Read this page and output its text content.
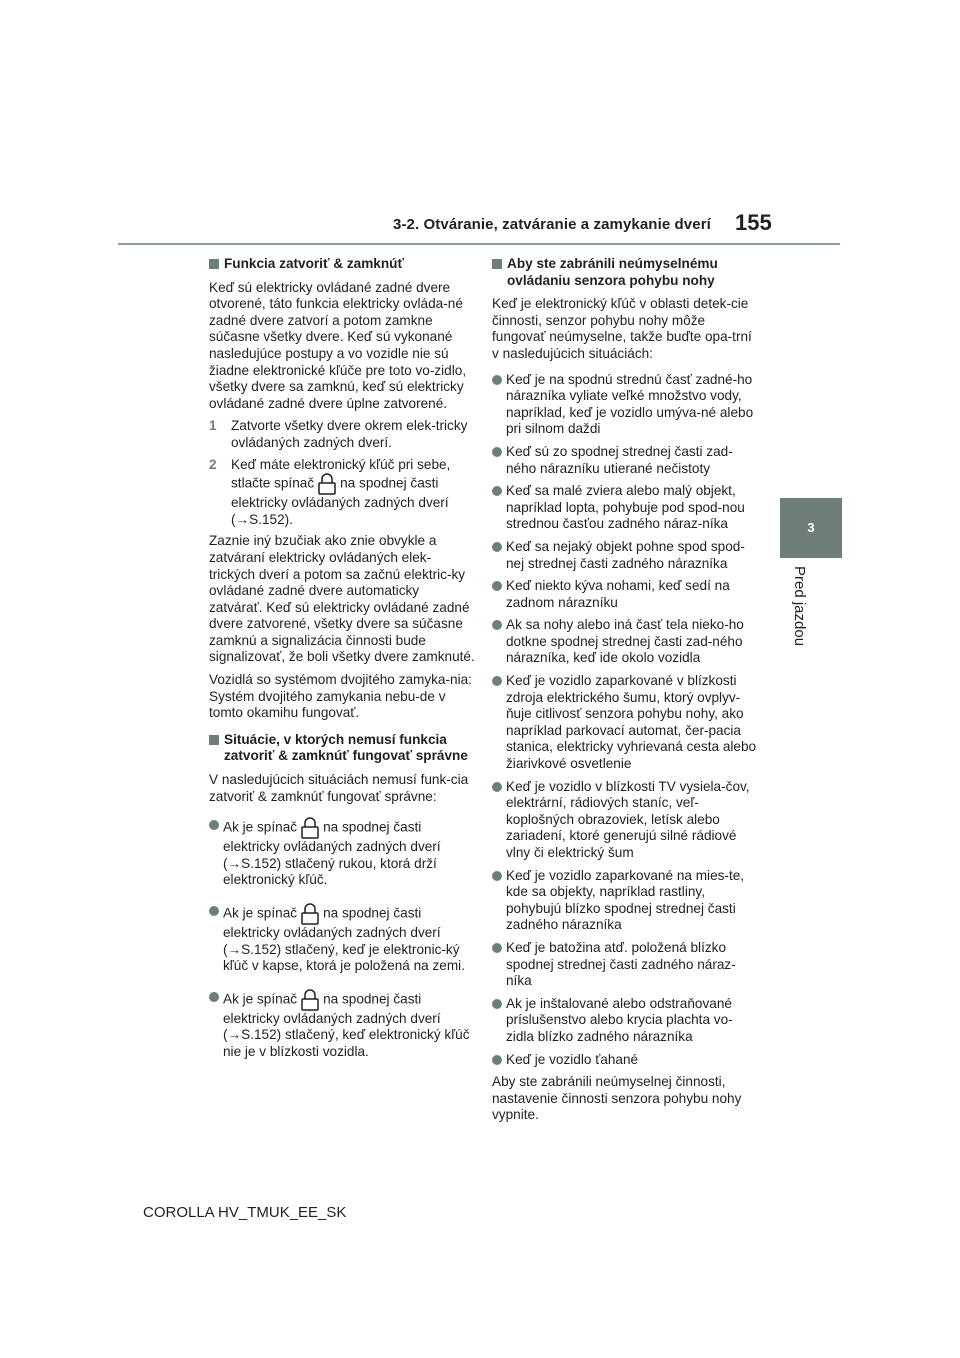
3-2. Otváranie, zatváranie a zamykanie dverí 155
3
Pred jazdou
Funkcia zatvoriť & zamknúť

Keď sú elektricky ovládané zadné dvere otvorené, táto funkcia elektricky ovláda-né zadné dvere zatvorí a potom zamkne súčasne všetky dvere. Keď sú vykonané nasledujúce postupy a vo vozidle nie sú žiadne elektronické kľúče pre toto vo-zidlo, všetky dvere sa zamknú, keď sú elektricky ovládané zadné dvere úplne zatvorené.

1	Zatvorte všetky dvere okrem elek-tricky ovládaných zadných dverí.
2	Keď máte elektronický kľúč pri sebe, stlačte spínač na spodnej časti elektricky ovládaných zadných dverí (→S.152).

Zaznie iný bzučiak ako znie obvykle a zatváraní elektricky ovládaných elek-trických dverí a potom sa začnú elektric-ky ovládané zadné dvere automaticky zatvárať. Keď sú elektricky ovládané zadné dvere zatvorené, všetky dvere sa súčasne zamknú a signalizácia činnosti bude signalizovať, že boli všetky dvere zamknuté.

Vozidlá so systémom dvojitého zamyka-nia: Systém dvojitého zamykania nebu-de v tomto okamihu fungovať.

Situácie, v ktorých nemusí funkcia zatvoriť & zamknúť fungovať správne

V nasledujúcich situáciách nemusí funk-cia zatvoriť & zamknúť fungovať správne:

Ak je spínač na spodnej časti elektricky ovládaných zadných dverí (→S.152) stlačený rukou, ktorá drží elektronický kľúč.
Ak je spínač na spodnej časti elektricky ovládaných zadných dverí (→S.152) stlačený, keď je elektronic-ký kľúč v kapse, ktorá je položená na zemi.
Ak je spínač na spodnej časti elektricky ovládaných zadných dverí (→S.152) stlačený, keď elektronický kľúč nie je v blízkosti vozidla.
Aby ste zabránili neúmyselnému ovládaniu senzora pohybu nohy

Keď je elektronický kľúč v oblasti detek-cie činnosti, senzor pohybu nohy môže fungovať neúmyselne, takže buďte opa-trní v nasledujúcich situáciách:

Keď je na spodnú strednú časť zadné-ho nárazníka vyliate veľké množstvo vody, napríklad, keď je vozidlo umýva-né alebo pri silnom daždi
Keď sú zo spodnej strednej časti zad-ného nárazníku utierané nečistoty
Keď sa malé zviera alebo malý objekt, napríklad lopta, pohybuje pod spod-nou strednou časťou zadného náraz-níka
Keď sa nejaký objekt pohne spod spod-nej strednej časti zadného nárazníka
Keď niekto kýva nohami, keď sedí na zadnom nárazníku
Ak sa nohy alebo iná časť tela nieko-ho dotkne spodnej strednej časti zad-ného nárazníka, keď ide okolo vozidla
Keď je vozidlo zaparkované v blízkosti zdroja elektrického šumu, ktorý ovplyv-ňuje citlivosť senzora pohybu nohy, ako napríklad parkovací automat, čer-pacia stanica, elektricky vyhrievaná cesta alebo žiarivkové osvetlenie
Keď je vozidlo v blízkosti TV vysiela-čov, elektrární, rádiových staníc, veľ-koplošných obrazoviek, letísk alebo zariadení, ktoré generujú silné rádiové vlny či elektrický šum
Keď je vozidlo zaparkované na mies-te, kde sa objekty, napríklad rastliny, pohybujú blízko spodnej strednej časti zadného nárazníka
Keď je batožina atď. položená blízko spodnej strednej časti zadného náraz-níka
Ak je inštalované alebo odstraňované príslušenstvo alebo krycia plachta vo-zidla blízko zadného nárazníka
Keď je vozidlo ťahané

Aby ste zabránili neúmyselnej činnosti, nastavenie činnosti senzora pohybu nohy vypnite.

COROLLA HV_TMUK_EE_SK
